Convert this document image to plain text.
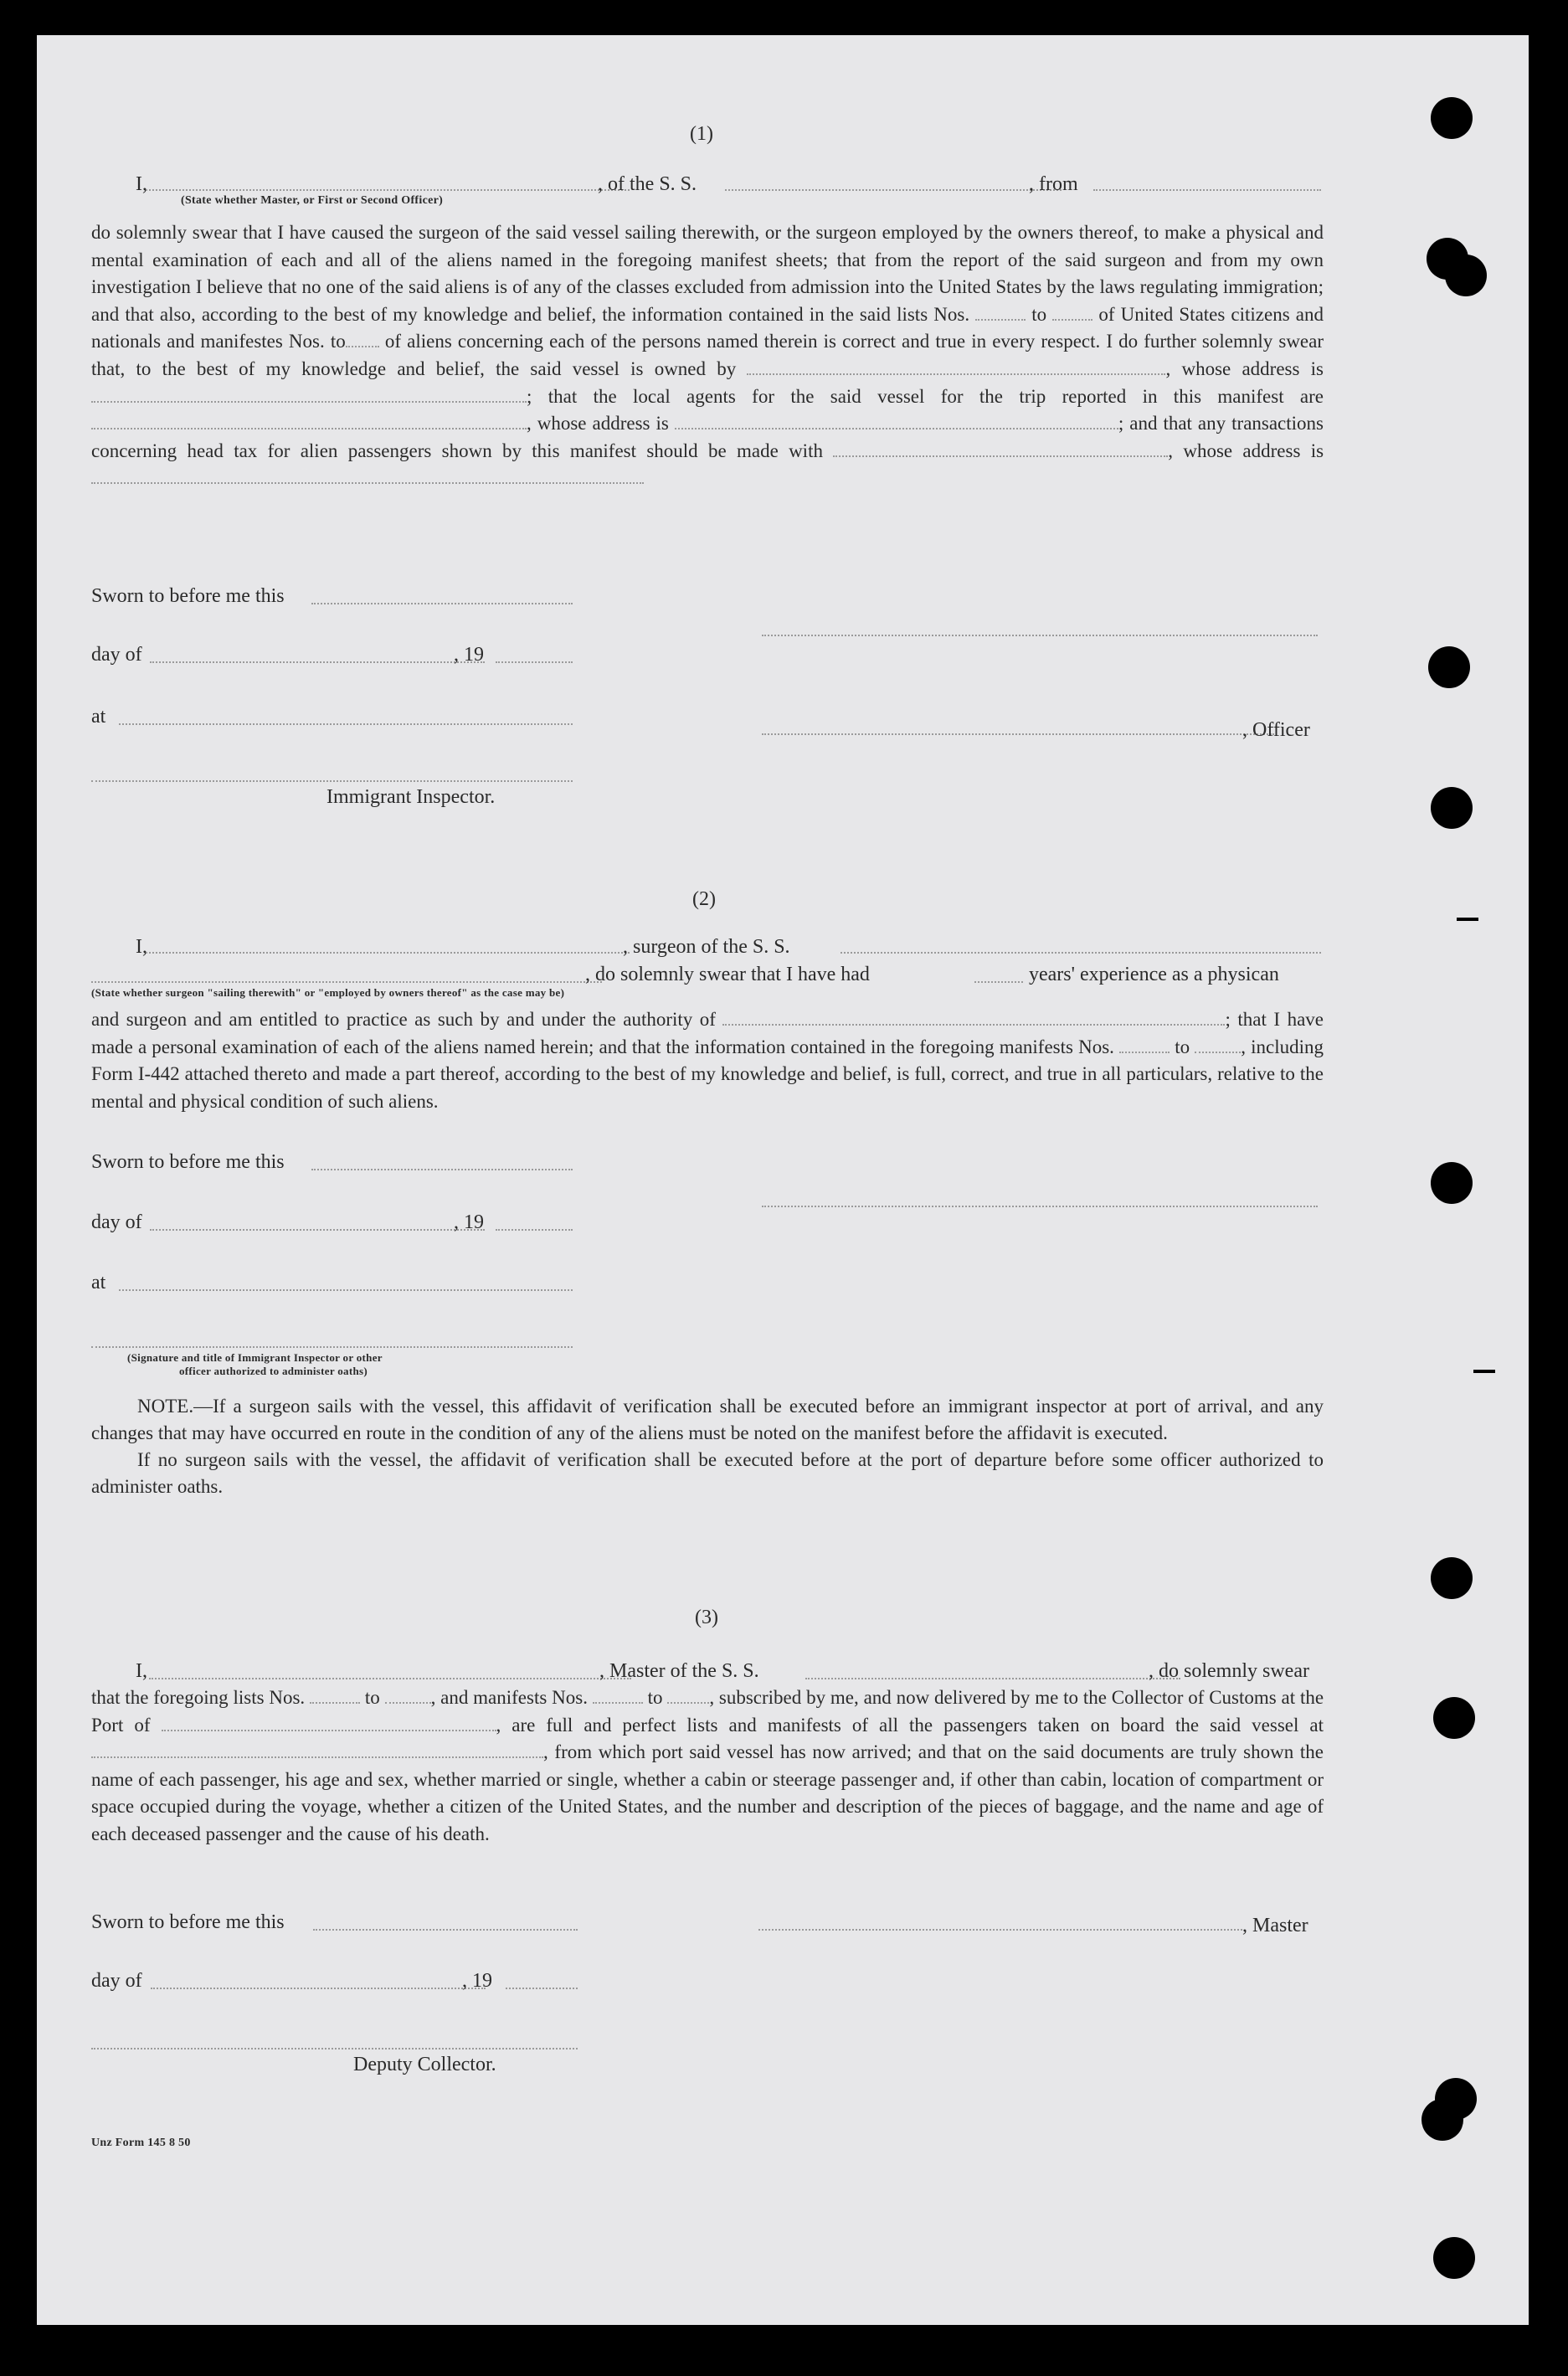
(1)
I,	, of the S. S.	, from
(State whether Master, or First or Second Officer)

do solemnly swear that I have caused the surgeon of the said vessel sailing therewith, or the surgeon employed by the owners thereof, to make a physical and mental examination of each and all of the aliens named in the foregoing manifest sheets; that from the report of the said surgeon and from my own investigation I believe that no one of the said aliens is of any of the classes excluded from admission into the United States by the laws regulating immigration; and that also, according to the best of my knowledge and belief, the information contained in the said lists Nos.	to	of United States citizens and nationals and manifestes Nos. to of aliens concerning each of the persons named therein is correct and true in every respect. I do further solemnly swear that, to the best of my knowledge and belief, the said vessel is owned by	, whose address is ; that the local agents for the said vessel for the trip reported in this manifest are , whose address is	; and that any transactions concerning head tax for alien passengers shown by this manifest should be made with	, whose address is

Sworn to before me this
day of	, 19
at
, Officer
Immigrant Inspector.
(2)
I,	, surgeon of the S. S.
, do solemnly swear that I have had	years' experience as a physican
(State whether surgeon "sailing therewith" or "employed by owners thereof" as the case may be)

and surgeon and am entitled to practice as such by and under the authority of	; that I have made a personal examination of each of the aliens named herein; and that the information contained in the foregoing manifests Nos.	to	, including Form I-442 attached thereto and made a part thereof, according to the best of my knowledge and belief, is full, correct, and true in all particulars, relative to the mental and physical condition of such aliens.

Sworn to before me this
day of	, 19
at
(Signature and title of Immigrant Inspector or other
officer authorized to administer oaths)

NOTE.—If a surgeon sails with the vessel, this affidavit of verification shall be executed before an immigrant inspector at port of arrival, and any changes that may have occurred en route in the condition of any of the aliens must be noted on the manifest before the affidavit is executed.

If no surgeon sails with the vessel, the affidavit of verification shall be executed before at the port of departure before some officer authorized to administer oaths.

(3)
I,	, Master of the S. S.	, do solemnly swear

that the foregoing lists Nos.	to	, and manifests Nos.	to , subscribed by me, and now delivered by me to the Collector of Customs at the Port of	, are full and perfect lists and manifests of all the passengers taken on board the said vessel at , from which port said vessel has now arrived; and that on the said documents are truly shown the name of each passenger, his age and sex, whether married or single, whether a cabin or steerage passenger and, if other than cabin, location of compartment or space occupied during the voyage, whether a citizen of the United States, and the number and description of the pieces of baggage, and the name and age of each deceased passenger and the cause of his death.

Sworn to before me this	, Master
day of	, 19
Deputy Collector.
Unz Form 145 8 50
